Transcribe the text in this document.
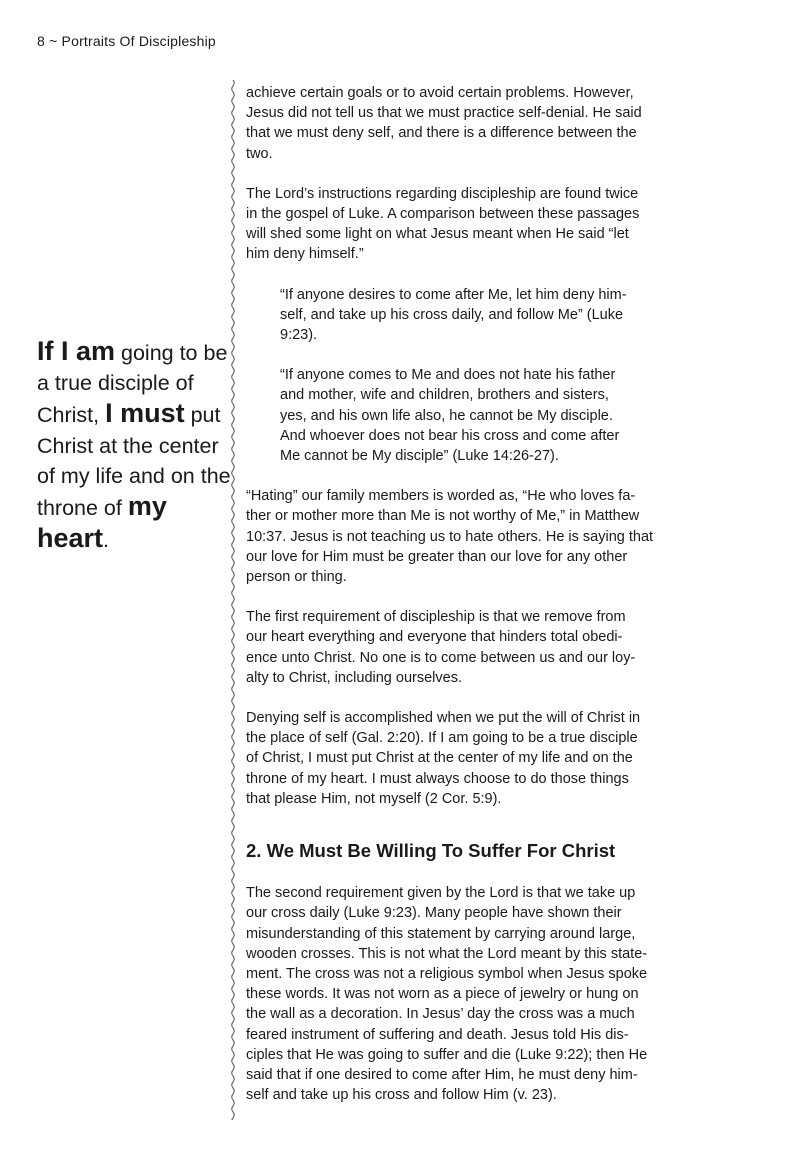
8 ~ Portraits Of Discipleship
If I am going to be a true disciple of Christ, I must put Christ at the center of my life and on the throne of my heart.

achieve certain goals or to avoid certain problems. However,
Jesus did not tell us that we must practice self-denial. He said
that we must deny self, and there is a difference between the
two.

The Lord’s instructions regarding discipleship are found twice
in the gospel of Luke. A comparison between these passages
will shed some light on what Jesus meant when He said “let
him deny himself.”

“If anyone desires to come after Me, let him deny him-
self, and take up his cross daily, and follow Me” (Luke
9:23).
“If anyone comes to Me and does not hate his father
and mother, wife and children, brothers and sisters,
yes, and his own life also, he cannot be My disciple.
And whoever does not bear his cross and come after
Me cannot be My disciple” (Luke 14:26-27).

“Hating” our family members is worded as, “He who loves fa-
ther or mother more than Me is not worthy of Me,” in Matthew
10:37. Jesus is not teaching us to hate others. He is saying that
our love for Him must be greater than our love for any other
person or thing.

The first requirement of discipleship is that we remove from
our heart everything and everyone that hinders total obedi-
ence unto Christ. No one is to come between us and our loy-
alty to Christ, including ourselves.

Denying self is accomplished when we put the will of Christ in
the place of self (Gal. 2:20). If I am going to be a true disciple
of Christ, I must put Christ at the center of my life and on the
throne of my heart. I must always choose to do those things
that please Him, not myself (2 Cor. 5:9).

2. We Must Be Willing To Suffer For Christ

The second requirement given by the Lord is that we take up
our cross daily (Luke 9:23). Many people have shown their
misunderstanding of this statement by carrying around large,
wooden crosses. This is not what the Lord meant by this state-
ment. The cross was not a religious symbol when Jesus spoke
these words. It was not worn as a piece of jewelry or hung on
the wall as a decoration. In Jesus’ day the cross was a much
feared instrument of suffering and death. Jesus told His dis-
ciples that He was going to suffer and die (Luke 9:22); then He
said that if one desired to come after Him, he must deny him-
self and take up his cross and follow Him (v. 23).
